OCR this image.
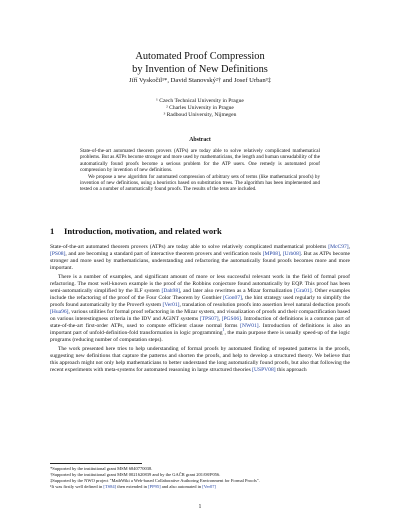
Automated Proof Compression
by Invention of New Definitions
Jiří Vyskočil¹*, David Stanovský²† and Josef Urban³‡
¹ Czech Technical University in Prague
² Charles University in Prague
³ Radboud University, Nijmegen
Abstract

State-of-the-art automated theorem provers (ATPs) are today able to solve relatively complicated mathematical problems. But as ATPs become stronger and more used by mathematicians, the length and human unreadability of the automatically found proofs become a serious problem for the ATP users. One remedy is automated proof compression by invention of new definitions.

We propose a new algorithm for automated compression of arbitrary sets of terms (like mathematical proofs) by invention of new definitions, using a heuristics based on substitution trees. The algorithm has been implemented and tested on a number of automatically found proofs. The results of the tests are included.

1 Introduction, motivation, and related work

State-of-the-art automated theorem provers (ATPs) are today able to solve relatively complicated mathematical problems [McC97], [PS08], and are becoming a standard part of interactive theorem provers and verification tools [MP08], [Urb08]. But as ATPs become stronger and more used by mathematicians, understanding and refactoring the automatically found proofs becomes more and more important.

There is a number of examples, and significant amount of more or less successful relevant work in the field of formal proof refactoring. The most well-known example is the proof of the Robbins conjecture found automatically by EQP. This proof has been semi-automatically simplified by the ILF system [Dah98], and later also rewritten as a Mizar formalization [Gra01]. Other examples include the refactoring of the proof of the Four Color Theorem by Gonthier [Gon07], the hint strategy used regularly to simplify the proofs found automatically by the Prover9 system [Ver01], translation of resolution proofs into assertion level natural deduction proofs [Hua96], various utilities for formal proof refactoring in the Mizar system, and visualization of proofs and their compactification based on various interestingness criteria in the IDV and AGiNT systems [TPS07], [PGS06]. Introduction of definitions is a common part of state-of-the-art first-order ATPs, used to compute efficient clause normal forms [NW01]. Introduction of definitions is also an important part of unfold-definition-fold transformation in logic programming$^1$, the main purpose there is usually speed-up of the logic programs (reducing number of computation steps).

The work presented here tries to help understanding of formal proofs by automated finding of repeated patterns in the proofs, suggesting new definitions that capture the patterns and shorten the proofs, and help to develop a structured theory. We believe that this approach might not only help mathematicians to better understand the long automatically found proofs, but also that following the recent experiments with meta-systems for automated reasoning in large structured theories [USPV08] this approach

*Supported by the institutional grant MSM 6840770038.
†Supported by the institutional grant MSM 0021620839 and by the GAČR grant 201/08/P056.
‡Supported by the NWO project "MathWiki a Web-based Collaborative Authoring Environment for Formal Proofs".
¹It was firstly well defined in [TS84] then extended in [PP95] and also automated in [Ver07]
1
